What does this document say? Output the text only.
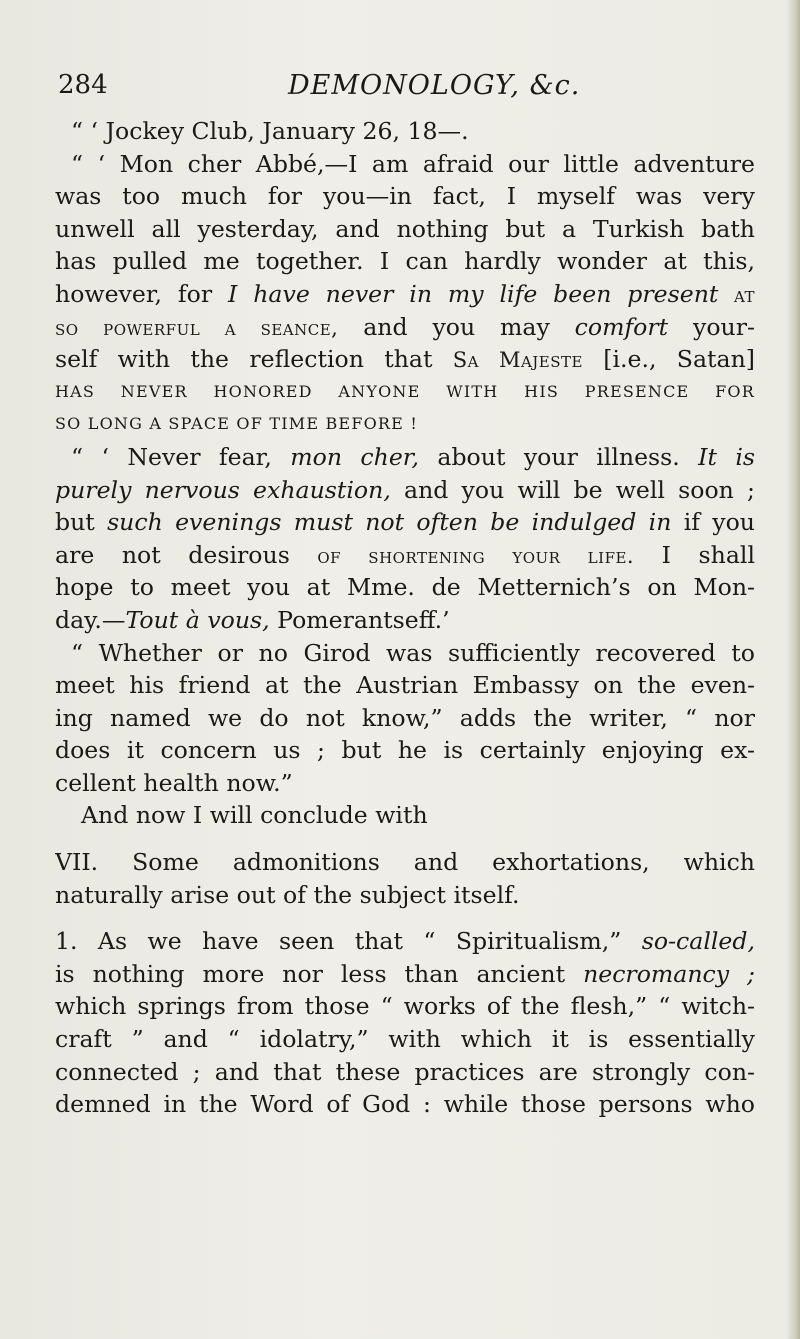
284	DEMONOLOGY, &c.
“ ‘ Jockey Club, January 26, 18—.
“ ‘ Mon cher Abbé,—I am afraid our little adventure
was too much for you—in fact, I myself was very
unwell all yesterday, and nothing but a Turkish bath
has pulled me together. I can hardly wonder at this,
however, for I have never in my life been present at
so powerful a seance, and you may comfort your-
self with the reflection that Sa Majeste [i.e., Satan]
HAS NEVER HONORED ANYONE WITH HIS PRESENCE FOR
SO LONG A SPACE OF TIME BEFORE !
“ ‘ Never fear, mon cher, about your illness. It is
purely nervous exhaustion, and you will be well soon ;
but such evenings must not often be indulged in if you
are not desirous of shortening your life. I shall
hope to meet you at Mme. de Metternich’s on Mon-
day.—Tout à vous, Pomerantseff.’
“ Whether or no Girod was sufficiently recovered to
meet his friend at the Austrian Embassy on the even-
ing named we do not know,” adds the writer, “ nor
does it concern us ; but he is certainly enjoying ex-
cellent health now.”
And now I will conclude with
VII. Some admonitions and exhortations, which
naturally arise out of the subject itself.
1. As we have seen that “ Spiritualism,” so-called,
is nothing more nor less than ancient necromancy ;
which springs from those “ works of the flesh,” “ witch-
craft ” and “ idolatry,” with which it is essentially
connected ; and that these practices are strongly con-
demned in the Word of God : while those persons who
